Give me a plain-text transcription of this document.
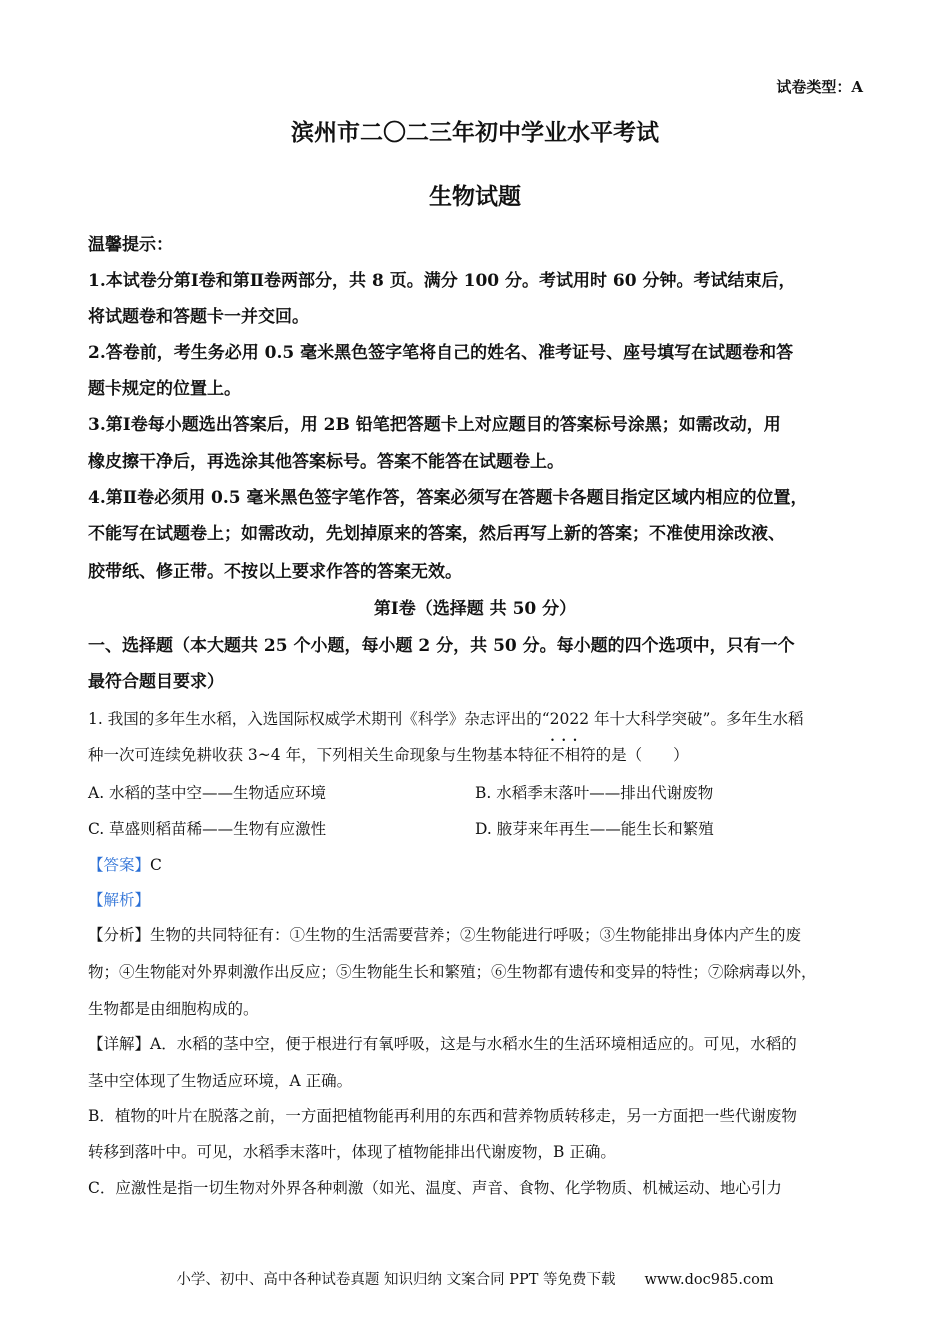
试卷类型：A
滨州市二〇二三年初中学业水平考试
生物试题
温馨提示：
1.本试卷分第Ⅰ卷和第Ⅱ卷两部分，共 8 页。满分 100 分。考试用时 60 分钟。考试结束后，
将试题卷和答题卡一并交回。
2.答卷前，考生务必用 0.5 毫米黑色签字笔将自己的姓名、准考证号、座号填写在试题卷和答
题卡规定的位置上。
3.第Ⅰ卷每小题选出答案后，用 2B 铅笔把答题卡上对应题目的答案标号涂黑；如需改动，用
橡皮擦干净后，再选涂其他答案标号。答案不能答在试题卷上。
4.第Ⅱ卷必须用 0.5 毫米黑色签字笔作答，答案必须写在答题卡各题目指定区域内相应的位置，
不能写在试题卷上；如需改动，先划掉原来的答案，然后再写上新的答案；不准使用涂改液、
胶带纸、修正带。不按以上要求作答的答案无效。
第Ⅰ卷（选择题 共 50 分）
一、选择题（本大题共 25 个小题，每小题 2 分，共 50 分。每小题的四个选项中，只有一个
最符合题目要求）
1. 我国的多年生水稻，入选国际权威学术期刊《科学》杂志评出的“2022 年十大科学突破”。多年生水稻
种一次可连续免耕收获 3~4 年，下列相关生命现象与生物基本特征• • • 不相符的是（　　）
A. 水稻的茎中空——生物适应环境	B. 水稻季末落叶——排出代谢废物
C. 草盛则稻苗稀——生物有应激性	D. 腋芽来年再生——能生长和繁殖
【答案】C
【解析】
【分析】生物的共同特征有：①生物的生活需要营养；②生物能进行呼吸；③生物能排出身体内产生的废
物；④生物能对外界刺激作出反应；⑤生物能生长和繁殖；⑥生物都有遗传和变异的特性；⑦除病毒以外，
生物都是由细胞构成的。
【详解】A．水稻的茎中空，便于根进行有氧呼吸，这是与水稻水生的生活环境相适应的。可见，水稻的
茎中空体现了生物适应环境，A 正确。
B．植物的叶片在脱落之前，一方面把植物能再利用的东西和营养物质转移走，另一方面把一些代谢废物
转移到落叶中。可见，水稻季末落叶，体现了植物能排出代谢废物，B 正确。
C．应激性是指一切生物对外界各种刺激（如光、温度、声音、食物、化学物质、机械运动、地心引力
小学、初中、高中各种试卷真题 知识归纳 文案合同 PPT 等免费下载　　www.doc985.com
